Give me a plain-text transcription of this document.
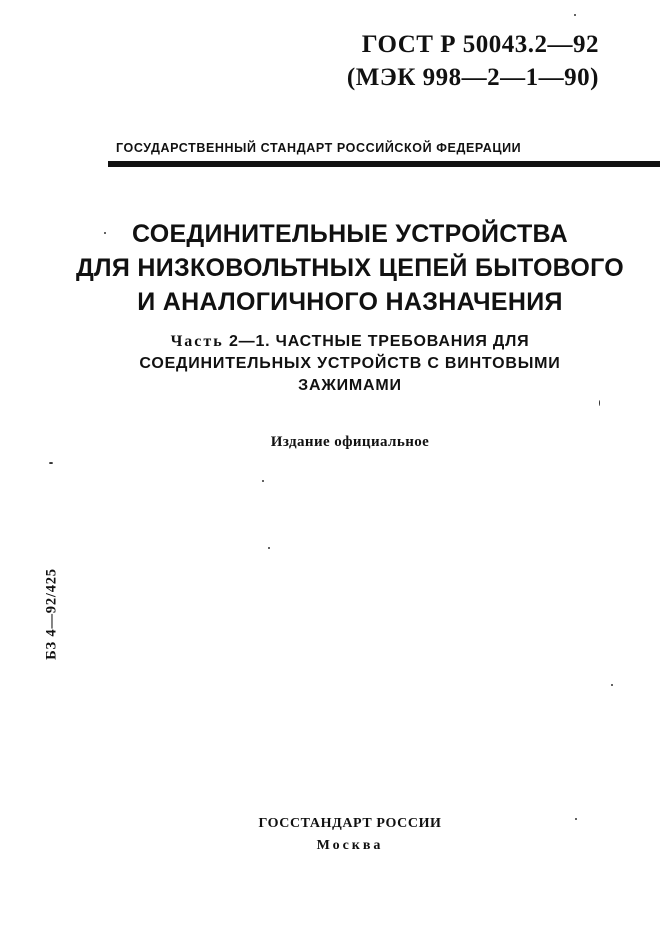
ГОСТ Р 50043.2—92
(МЭК 998—2—1—90)
ГОСУДАРСТВЕННЫЙ СТАНДАРТ РОССИЙСКОЙ ФЕДЕРАЦИИ
СОЕДИНИТЕЛЬНЫЕ УСТРОЙСТВА
ДЛЯ НИЗКОВОЛЬТНЫХ ЦЕПЕЙ БЫТОВОГО
И АНАЛОГИЧНОГО НАЗНАЧЕНИЯ
Часть 2—1. ЧАСТНЫЕ ТРЕБОВАНИЯ ДЛЯ
СОЕДИНИТЕЛЬНЫХ УСТРОЙСТВ С ВИНТОВЫМИ
ЗАЖИМАМИ
Издание официальное
БЗ 4—92/425
ГОССТАНДАРТ РОССИИ
Москва
